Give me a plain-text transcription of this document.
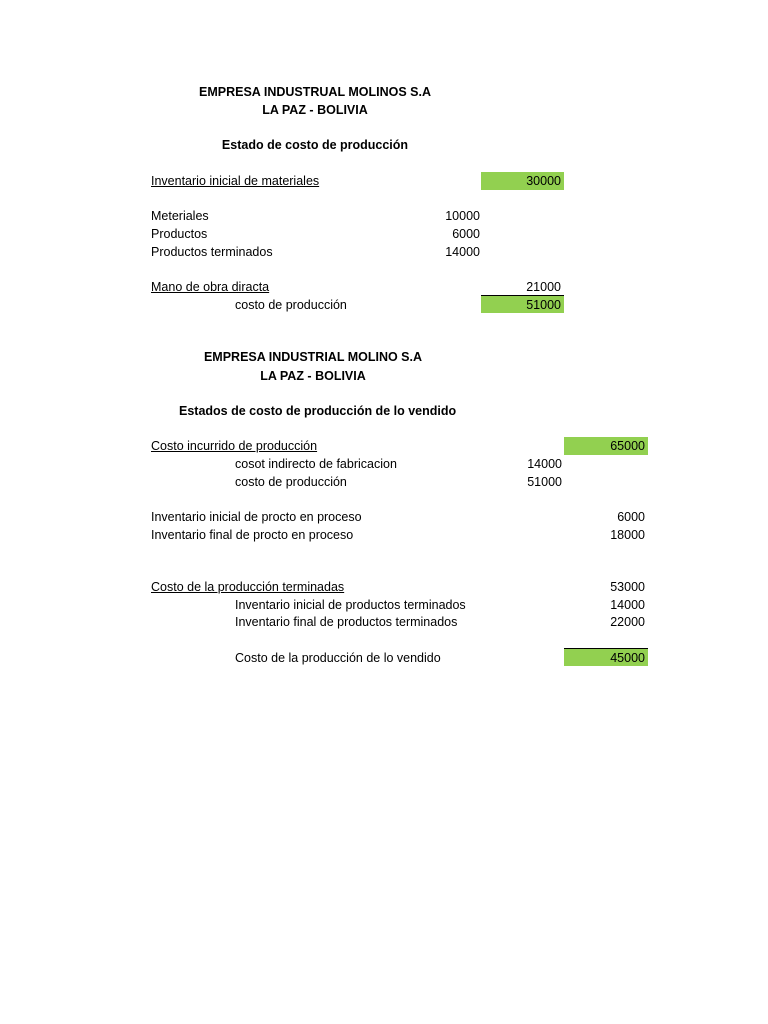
EMPRESA INDUSTRUAL MOLINOS S.A
LA PAZ - BOLIVIA
Estado de costo de producción
Inventario inicial de materiales	30000
Meteriales	10000
Productos	6000
Productos terminados	14000
Mano de obra diracta	21000
costo de producción	51000
EMPRESA INDUSTRIAL MOLINO S.A
LA PAZ - BOLIVIA
Estados de costo de producción de lo vendido
Costo incurrido de producción	65000
cosot indirecto de fabricacion	14000
costo de producción	51000
Inventario inicial de procto en proceso	6000
Inventario final de procto en proceso	18000
Costo de la producción terminadas	53000
Inventario inicial de productos terminados	14000
Inventario final de productos terminados	22000
Costo de la producción de lo vendido	45000
